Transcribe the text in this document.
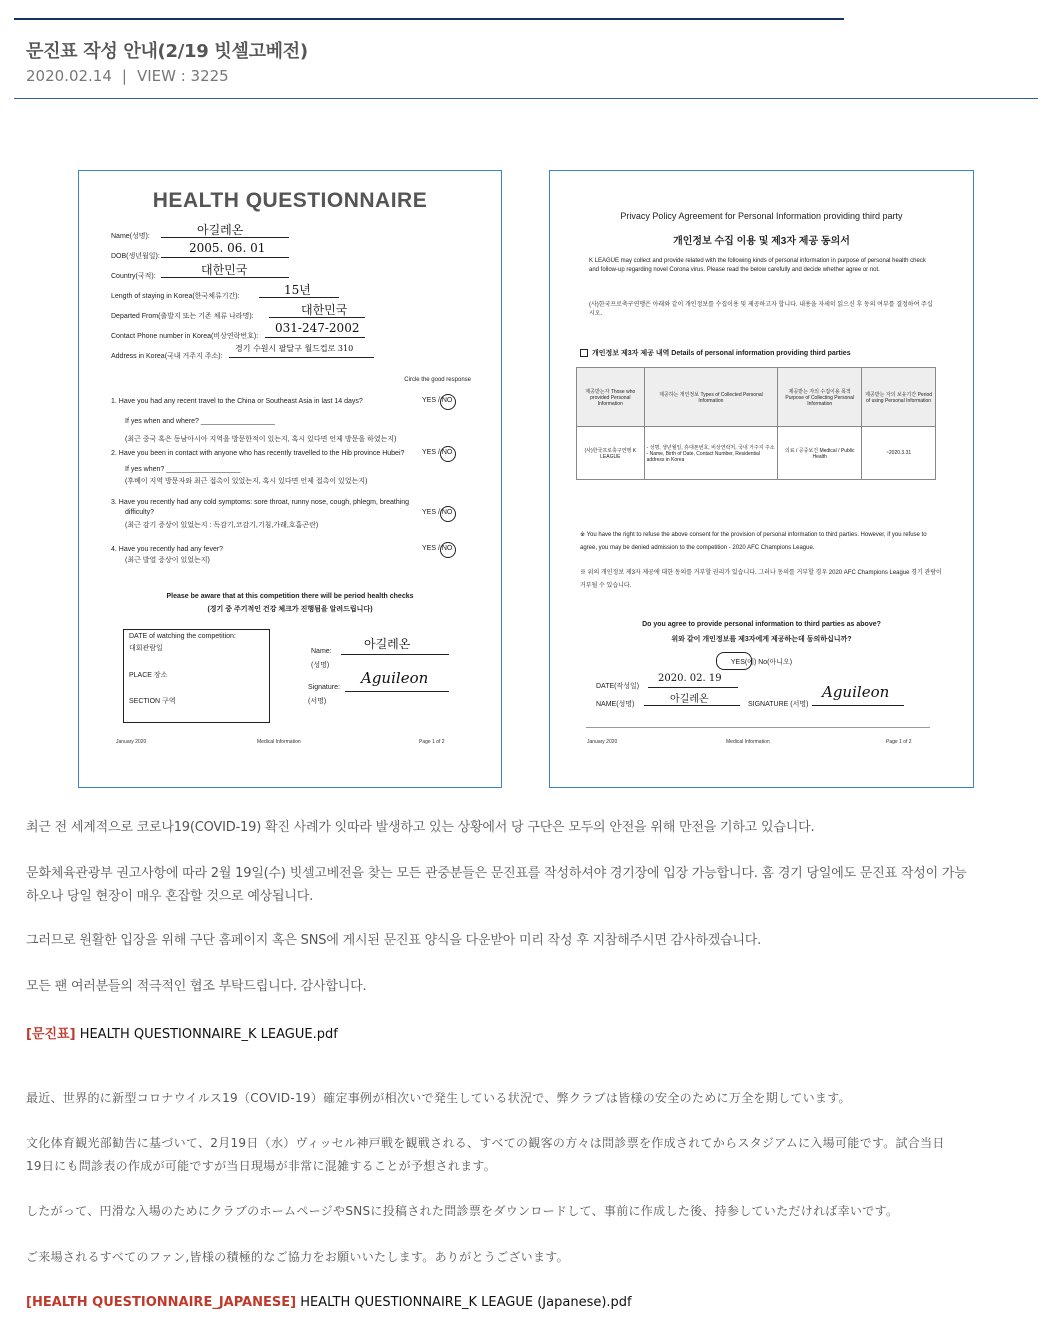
문진표 작성 안내(2/19 빗셀고베전)
2020.02.14 | VIEW : 3225
HEALTH QUESTIONNAIRE
Name(성명):	아길레온
DOB(생년월일):
2005. 06. 01
Country(국적):	대한민국
Length of staying in Korea(한국체류기간):	15년
Departed From(출발지 또는 기존 체류 나라명):	대한민국
Contact Phone number in Korea(비상연락번호):
031-247-2002
Address in Korea(국내 거주지 주소):
경기 수원시 팔달구 월드컵로 310
Circle the good response
1. Have you had any recent travel to the China or Southeast Asia in last 14 days?
If yes when and where? ___________________
(최근 중국 혹은 동남아시아 지역을 방문한적이 있는지, 혹시 있다면 언제 방문을 하였는지)
YES / NO
2. Have you been in contact with anyone who has recently travelled to the Hib province Hubei?
If yes when? ___________________
(후베이 지역 방문자와 최근 접촉이 있었는지, 혹시 있다면 언제 접촉이 있었는지)
YES / NO
3. Have you recently had any cold symptoms: sore throat, runny nose, cough, phlegm, breathing
difficulty?
(최근 감기 증상이 있었는지 : 독감기,코감기,기침,가래,호흡곤란)
YES / NO
4. Have you recently had any fever?
(최근 발열 증상이 있었는지)
YES / NO
Please be aware that at this competition there will be period health checks
(경기 중 주기적인 건강 체크가 진행됨을 알려드립니다)
DATE of watching the competition:
대회관람일
PLACE 장소
SECTION 구역
Name:
(성명)
아길레온
Signature:
(서명)
Aguileon
January 2020	Medical Information	Page 1 of 2
Privacy Policy Agreement for Personal Information providing third party
개인정보 수집 이용 및 제3자 제공 동의서
K LEAGUE may collect and provide related with the following kinds of personal information in purpose of personal health check and follow-up regarding novel Corona virus. Please read the below carefully and decide whether agree or not.
(사)한국프로축구연맹은 아래와 같이 개인정보를 수집이용 및 제공하고자 합니다. 내용을 자세히 읽으신 후 동의 여부를 결정하여 주십시오.
개인정보 제3자 제공 내역 Details of personal information providing third parties
제공받는자 Those who provided Personal Information	제공하는 개인정보 Types of Collected Personal Information	제공받는 자의 수집이용 목적 Purpose of Collecting Personal Information	제공받는 자의 보유기간 Period of using Personal Information
(사)한국프로축구연맹 K LEAGUE	- 성명, 생년월일, 휴대폰번호, 비상연락처, 국내 거주지 주소 - Name, Birth of Date, Contact Number, Residential address in Korea	의료 / 공중보건 Medical / Public Health	~2020.3.31
※ You have the right to refuse the above consent for the provision of personal information to third parties. However, if you refuse to agree, you may be denied admission to the competition - 2020 AFC Champions League.
※ 위의 개인정보 제3자 제공에 대한 동의를 거부할 권리가 있습니다. 그러나 동의를 거부할 경우 2020 AFC Champions League 경기 관람이 거부될 수 있습니다.
Do you agree to provide personal information to third parties as above?
위와 같이 개인정보를 제3자에게 제공하는데 동의하십니까?
YES(예) No(아니오)
DATE(작성일)
2020. 02. 19
NAME(성명)	아길레온	SIGNATURE (서명)
Aguileon
January 2020	Medical Information	Page 1 of 2
최근 전 세계적으로 코로나19(COVID-19) 확진 사례가 잇따라 발생하고 있는 상황에서 당 구단은 모두의 안전을 위해 만전을 기하고 있습니다.
문화체육관광부 권고사항에 따라 2월 19일(수) 빗셀고베전을 찾는 모든 관중분들은 문진표를 작성하셔야 경기장에 입장 가능합니다. 홈 경기 당일에도 문진표 작성이 가능
하오나 당일 현장이 매우 혼잡할 것으로 예상됩니다.
그러므로 원활한 입장을 위해 구단 홈페이지 혹은 SNS에 게시된 문진표 양식을 다운받아 미리 작성 후 지참해주시면 감사하겠습니다.
모든 팬 여러분들의 적극적인 협조 부탁드립니다. 감사합니다.
[문진표] HEALTH QUESTIONNAIRE_K LEAGUE.pdf
最近、世界的に新型コロナウイルス19（COVID-19）確定事例が相次いで発生している状況で、弊クラブは皆様の安全のために万全を期しています。
文化体育観光部勧告に基づいて、2月19日（水）ヴィッセル神戸戦を観戦される、すべての観客の方々は問診票を作成されてからスタジアムに入場可能です。試合当日
19日にも問診表の作成が可能ですが当日現場が非常に混雑することが予想されます。
したがって、円滑な入場のためにクラブのホームページやSNSに投稿された問診票をダウンロードして、事前に作成した後、持参していただければ幸いです。
ご来場されるすべてのファン,皆様の積極的なご協力をお願いいたします。ありがとうございます。
[HEALTH QUESTIONNAIRE_JAPANESE] HEALTH QUESTIONNAIRE_K LEAGUE (Japanese).pdf
